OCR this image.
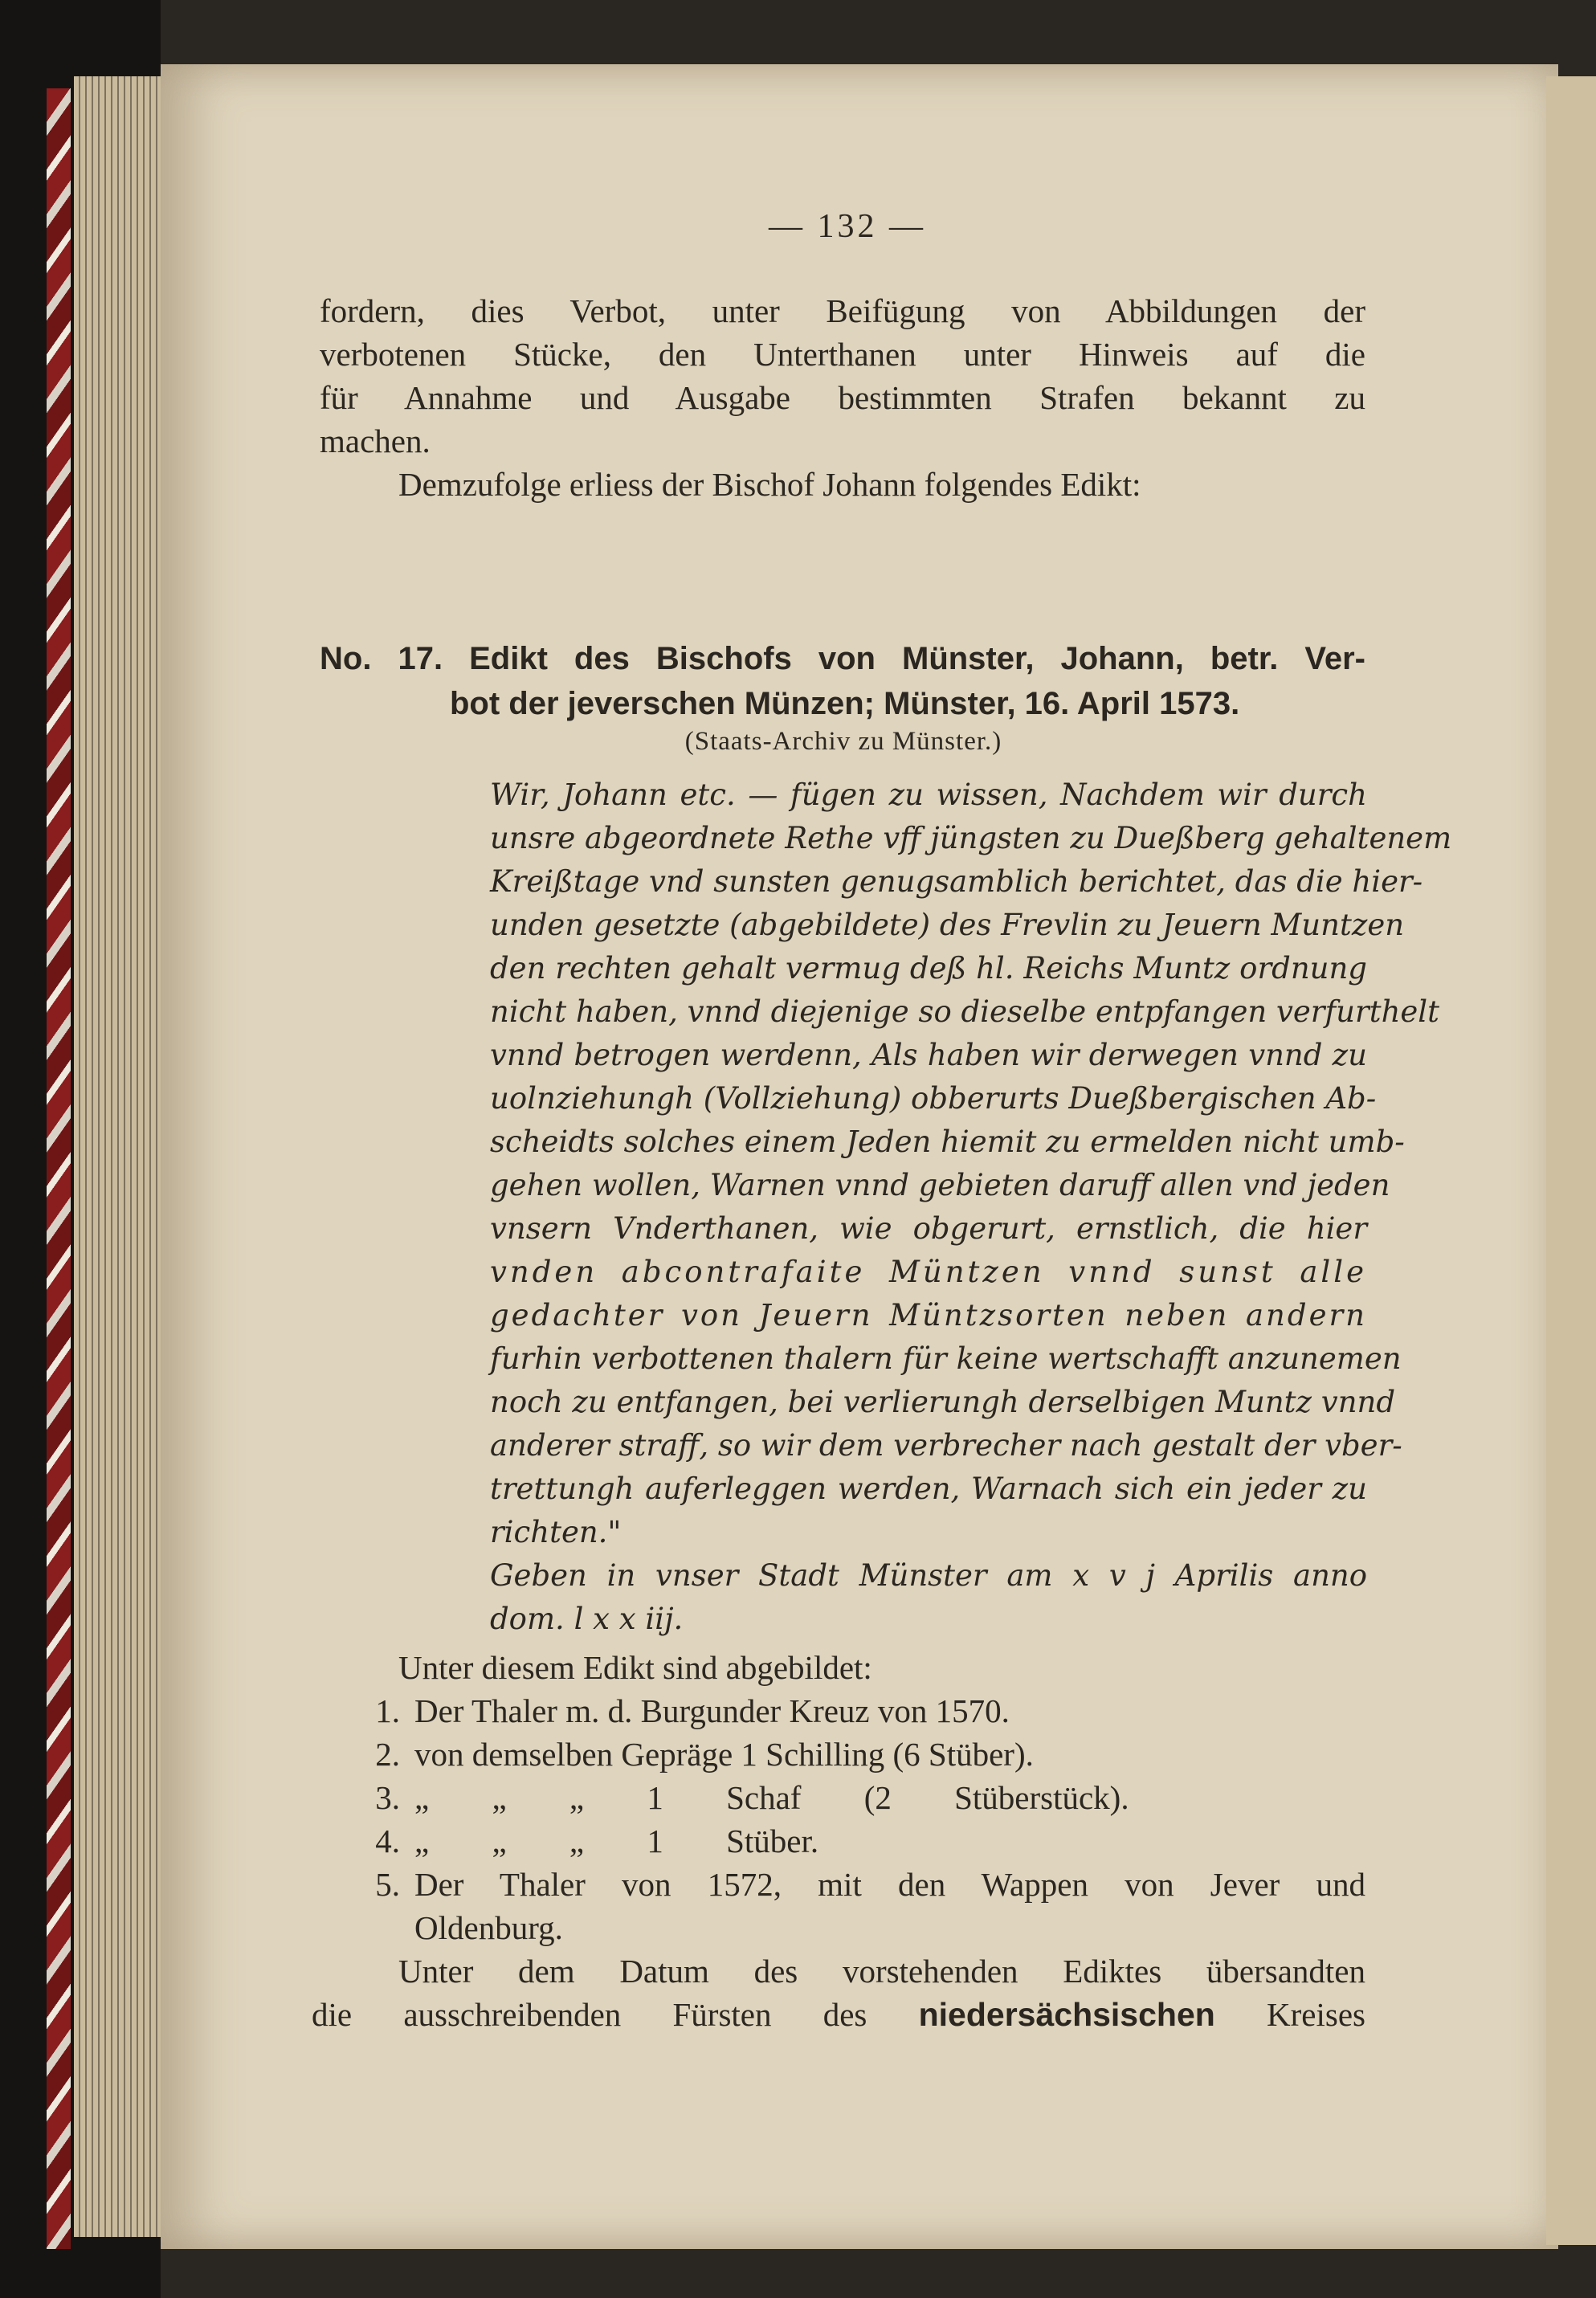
— 132 —
fordern, dies Verbot, unter Beifügung von Abbildungen der
verbotenen Stücke, den Unterthanen unter Hinweis auf die
für Annahme und Ausgabe bestimmten Strafen bekannt zu
machen.
Demzufolge erliess der Bischof Johann folgendes Edikt:
No. 17. Edikt des Bischofs von Münster, Johann, betr. Ver-
bot der jeverschen Münzen; Münster, 16. April 1573.
(Staats-Archiv zu Münster.)
Wir, Johann etc. — fügen zu wissen, Nachdem wir durch
unsre abgeordnete Rethe vff jüngsten zu Dueßberg gehaltenem
Kreißtage vnd sunsten genugsamblich berichtet, das die hier-
unden gesetzte (abgebildete) des Frevlin zu Jeuern Muntzen
den rechten gehalt vermug deß hl. Reichs Muntz ordnung
nicht haben, vnnd diejenige so dieselbe entpfangen verfurthelt
vnnd betrogen werdenn, Als haben wir derwegen vnnd zu
uolnziehungh (Vollziehung) obberurts Dueßbergischen Ab-
scheidts solches einem Jeden hiemit zu ermelden nicht umb-
gehen wollen, Warnen vnnd gebieten daruff allen vnd jeden
vnsern Vnderthanen, wie obgerurt, ernstlich, die hier
vnden abcontrafaite Müntzen vnnd sunst alle
gedachter von Jeuern Müntzsorten neben andern
furhin verbottenen thalern für keine wertschafft anzunemen
noch zu entfangen, bei verlierungh derselbigen Muntz vnnd
anderer straff, so wir dem verbrecher nach gestalt der vber-
trettungh auferleggen werden, Warnach sich ein jeder zu
richten."
Geben in vnser Stadt Münster am x v j Aprilis anno
dom. l x x iij.
Unter diesem Edikt sind abgebildet:
1. Der Thaler m. d. Burgunder Kreuz von 1570.
2. von demselben Gepräge 1 Schilling (6 Stüber).
3. „ „ „ 1 Schaf (2 Stüberstück).
4. „ „ „ 1 Stüber.
5. Der Thaler von 1572, mit den Wappen von Jever und
Oldenburg.
Unter dem Datum des vorstehenden Ediktes übersandten
die ausschreibenden Fürsten des niedersächsischen Kreises
